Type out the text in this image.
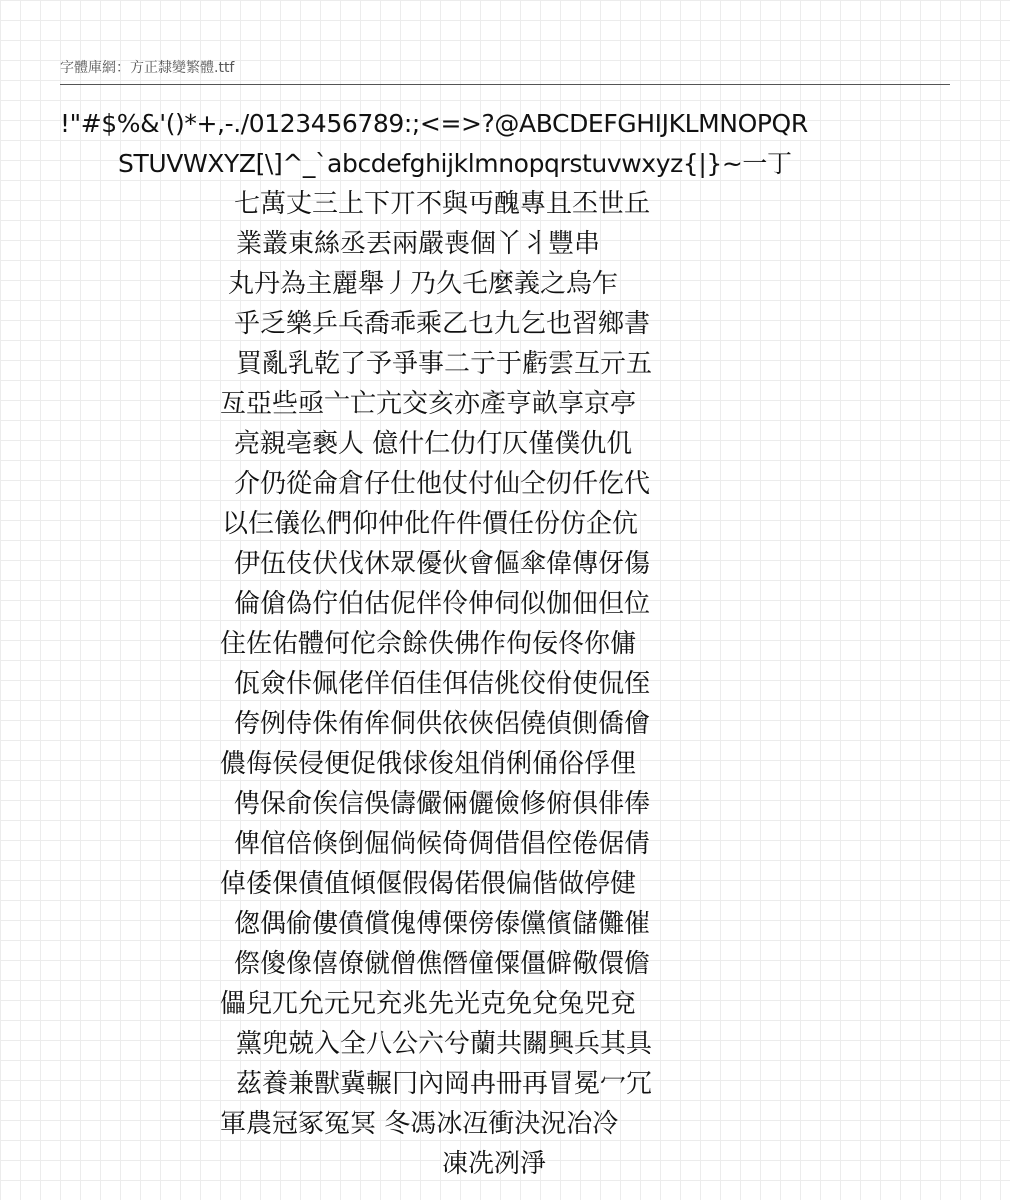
字體庫網：方正隸變繁體.ttf
!"#$%&'()*+,-./0123456789:;<=>?@ABCDEFGHIJKLMNOPQR
STUVWXYZ[\]^_`abcdefghijklmnopqrstuvwxyz{|}~一丁
七萬丈三上下丌不與丏醜專且丕世丘
業叢東絲丞丟兩嚴喪個丫丬豐串
丸丹為主麗舉丿乃久乇麼義之烏乍
乎乏樂乒乓喬乖乘乙乜九乞也習鄉書
買亂乳乾了予爭事二亍于虧雲互亓五
亙亞些亟亠亡亢交亥亦產亨畝享京亭
亮親亳褻人 億什仁仂仃仄僅僕仇仉
介仍從侖倉仔仕他仗付仙仝仞仟仡代
以仨儀仫們仰仲仳仵件價任份仿企伉
伊伍伎伏伐休眾優伙會傴傘偉傳伢傷
倫傖偽佇伯估伲伴伶伸伺似伽佃但位
住佐佑體何佗佘餘佚佛作佝佞佟你傭
佤僉佧佩佬佯佰佳佴佶佻佼佾使侃侄
侉例侍侏侑侔侗供依俠侶僥偵側僑儈
儂侮侯侵便促俄俅俊俎俏俐俑俗俘俚
俜保俞俟信俁儔儼倆儷儉修俯俱俳俸
俾倌倍倏倒倔倘候倚倜借倡倥倦倨倩
倬倭倮債值傾偃假偈偌偎偏偕做停健
偬偶偷僂僨償傀傅傈傍傣儻儐儲儺催
傺傻像僖僚僦僧僬僭僮僳僵僻儆儇儋
儡兒兀允元兄充兆先光克免兌兔兕兗
黨兜兢入全八公六兮蘭共關興兵其具
茲養兼獸冀輾冂內岡冉冊再冒冕冖冗
軍農冠冢冤冥 冬馮冰冱衝決況冶冷
凍冼冽淨
